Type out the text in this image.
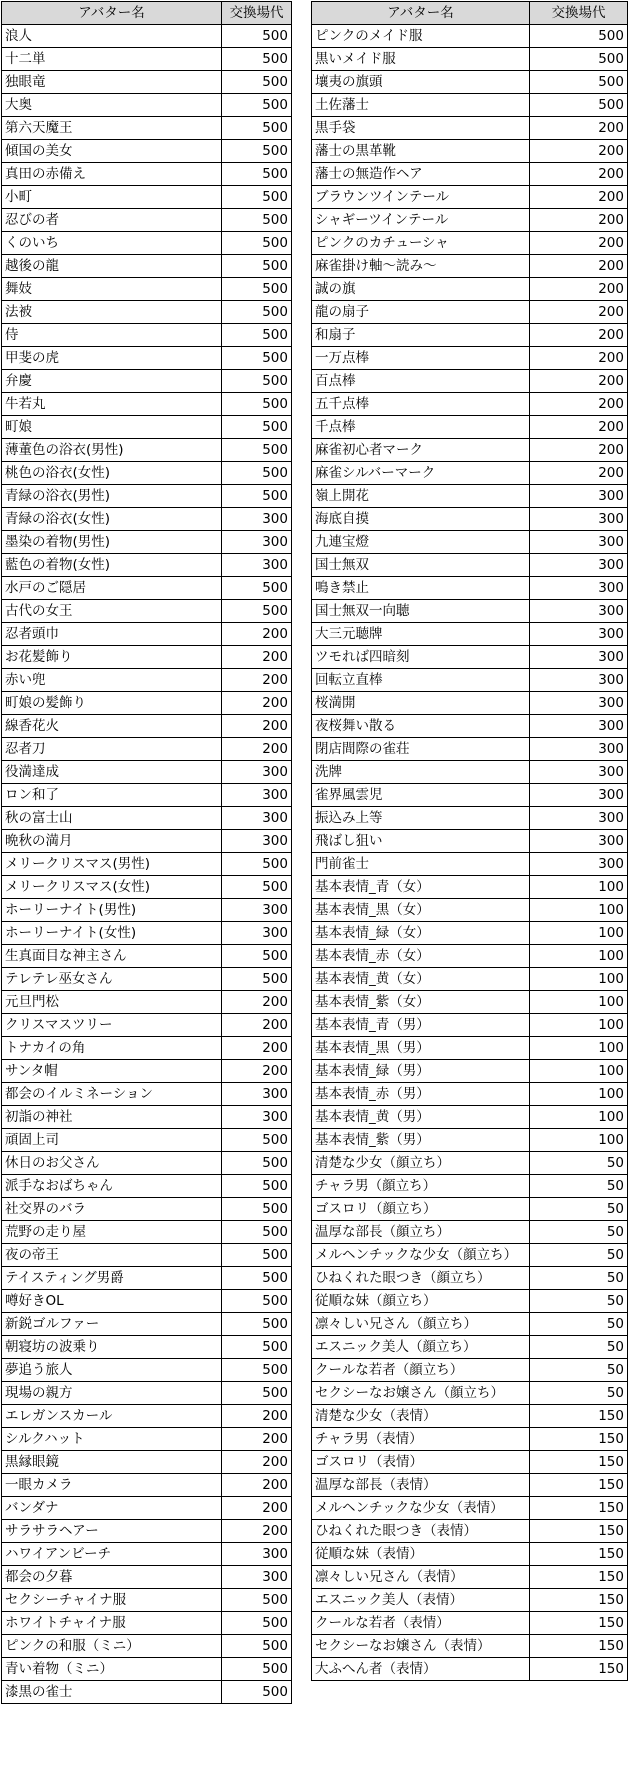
アバター名	交換場代
浪人	500
十二単	500
独眼竜	500
大奥	500
第六天魔王	500
傾国の美女	500
真田の赤備え	500
小町	500
忍びの者	500
くのいち	500
越後の龍	500
舞妓	500
法被	500
侍	500
甲斐の虎	500
弁慶	500
牛若丸	500
町娘	500
薄董色の浴衣(男性)	500
桃色の浴衣(女性)	500
青緑の浴衣(男性)	500
青緑の浴衣(女性)	300
墨染の着物(男性)	300
藍色の着物(女性)	300
水戸のご隠居	500
古代の女王	500
忍者頭巾	200
お花髪飾り	200
赤い兜	200
町娘の髪飾り	200
線香花火	200
忍者刀	200
役満達成	300
ロン和了	300
秋の富士山	300
晩秋の満月	300
メリークリスマス(男性)	500
メリークリスマス(女性)	500
ホーリーナイト(男性)	300
ホーリーナイト(女性)	300
生真面目な神主さん	500
テレテレ巫女さん	500
元旦門松	200
クリスマスツリー	200
トナカイの角	200
サンタ帽	200
都会のイルミネーション	300
初詣の神社	300
頑固上司	500
休日のお父さん	500
派手なおばちゃん	500
社交界のバラ	500
荒野の走り屋	500
夜の帝王	500
テイスティング男爵	500
噂好きOL	500
新鋭ゴルファー	500
朝寝坊の波乗り	500
夢追う旅人	500
現場の親方	500
エレガンスカール	200
シルクハット	200
黒縁眼鏡	200
一眼カメラ	200
バンダナ	200
サラサラヘアー	200
ハワイアンビーチ	300
都会の夕暮	300
セクシーチャイナ服	500
ホワイトチャイナ服	500
ピンクの和服（ミニ）	500
青い着物（ミニ）	500
漆黒の雀士	500
アバター名	交換場代
ピンクのメイド服	500
黒いメイド服	500
壤夷の旗頭	500
土佐藩士	500
黒手袋	200
藩士の黒革靴	200
藩士の無造作ヘア	200
ブラウンツインテール	200
シャギーツインテール	200
ピンクのカチューシャ	200
麻雀掛け軸～読み～	200
誠の旗	200
龍の扇子	200
和扇子	200
一万点棒	200
百点棒	200
五千点棒	200
千点棒	200
麻雀初心者マーク	200
麻雀シルバーマーク	200
嶺上開花	300
海底自摸	300
九連宝燈	300
国士無双	300
鳴き禁止	300
国士無双一向聴	300
大三元聴牌	300
ツモれば四暗刻	300
回転立直棒	300
桜満開	300
夜桜舞い散る	300
閉店間際の雀荘	300
洗牌	300
雀界風雲児	300
振込み上等	300
飛ばし狙い	300
門前雀士	300
基本表情_青（女）	100
基本表情_黒（女）	100
基本表情_緑（女）	100
基本表情_赤（女）	100
基本表情_黄（女）	100
基本表情_紫（女）	100
基本表情_青（男）	100
基本表情_黒（男）	100
基本表情_緑（男）	100
基本表情_赤（男）	100
基本表情_黄（男）	100
基本表情_紫（男）	100
清楚な少女（顔立ち）	50
チャラ男（顔立ち）	50
ゴスロリ（顔立ち）	50
温厚な部長（顔立ち）	50
メルヘンチックな少女（顔立ち）	50
ひねくれた眼つき（顔立ち）	50
従順な妹（顔立ち）	50
凛々しい兄さん（顔立ち）	50
エスニック美人（顔立ち）	50
クールな若者（顔立ち）	50
セクシーなお嬢さん（顔立ち）	50
清楚な少女（表情）	150
チャラ男（表情）	150
ゴスロリ（表情）	150
温厚な部長（表情）	150
メルヘンチックな少女（表情）	150
ひねくれた眼つき（表情）	150
従順な妹（表情）	150
凛々しい兄さん（表情）	150
エスニック美人（表情）	150
クールな若者（表情）	150
セクシーなお嬢さん（表情）	150
大ふへん者（表情）	150
